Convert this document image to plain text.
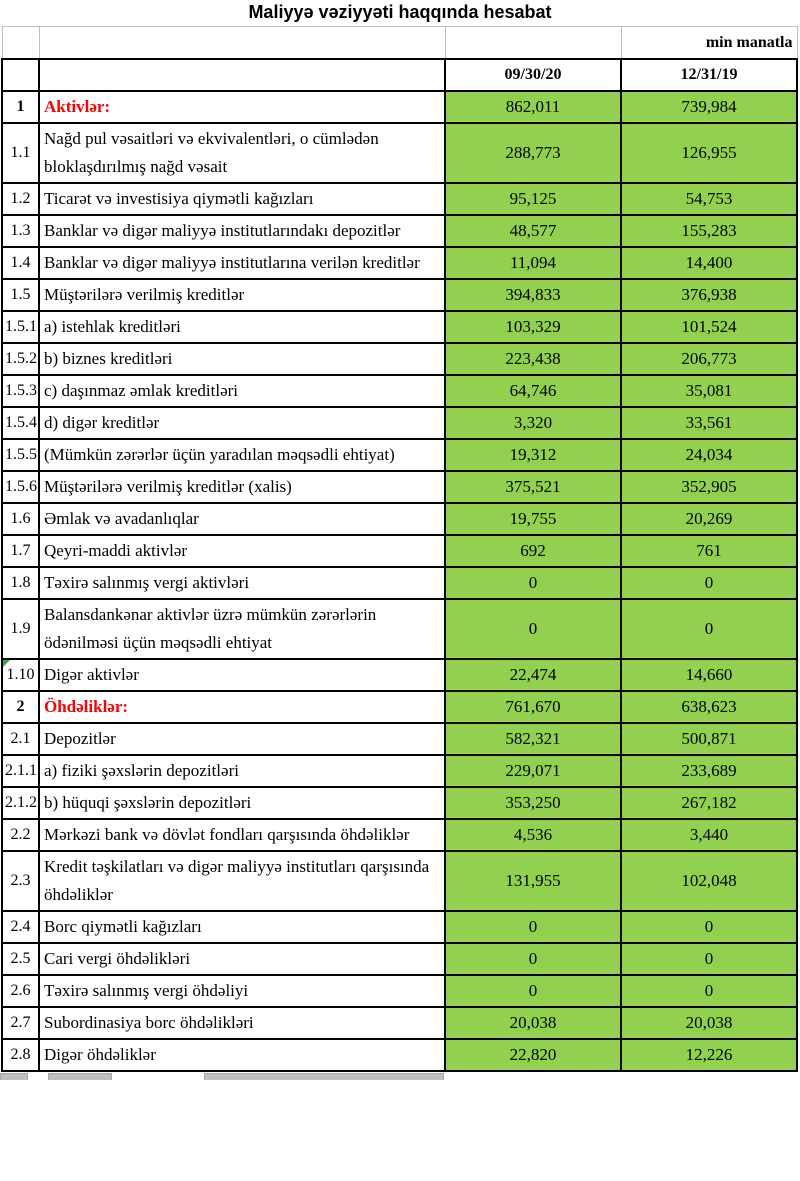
Maliyyə vəziyyəti haqqında hesabat
			min manatla
		09/30/20	12/31/19
1	Aktivlər:	862,011	739,984
1.1	Nağd pul vəsaitləri və ekvivalentləri, o cümlədən bloklaşdırılmış nağd vəsait	288,773	126,955
1.2	Ticarət və investisiya qiymətli kağızları	95,125	54,753
1.3	Banklar və digər maliyyə institutlarındakı depozitlər	48,577	155,283
1.4	Banklar və digər maliyyə institutlarına verilən kreditlər	11,094	14,400
1.5	Müştərilərə verilmiş kreditlər	394,833	376,938
1.5.1	a) istehlak kreditləri	103,329	101,524
1.5.2	b) biznes kreditləri	223,438	206,773
1.5.3	c) daşınmaz əmlak kreditləri	64,746	35,081
1.5.4	d) digər kreditlər	3,320	33,561
1.5.5	(Mümkün zərərlər üçün yaradılan məqsədli ehtiyat)	19,312	24,034
1.5.6	Müştərilərə verilmiş kreditlər (xalis)	375,521	352,905
1.6	Əmlak və avadanlıqlar	19,755	20,269
1.7	Qeyri-maddi aktivlər	692	761
1.8	Təxirə salınmış vergi aktivləri	0	0
1.9	Balansdankənar aktivlər üzrə mümkün zərərlərin ödənilməsi üçün məqsədli ehtiyat	0	0
1.10	Digər aktivlər	22,474	14,660
2	Öhdəliklər:	761,670	638,623
2.1	Depozitlər	582,321	500,871
2.1.1	a) fiziki şəxslərin depozitləri	229,071	233,689
2.1.2	b) hüquqi şəxslərin depozitləri	353,250	267,182
2.2	Mərkəzi bank və dövlət fondları qarşısında öhdəliklər	4,536	3,440
2.3	Kredit təşkilatları və digər maliyyə institutları qarşısında öhdəliklər	131,955	102,048
2.4	Borc qiymətli kağızları	0	0
2.5	Cari vergi öhdəlikləri	0	0
2.6	Təxirə salınmış vergi öhdəliyi	0	0
2.7	Subordinasiya borc öhdəlikləri	20,038	20,038
2.8	Digər öhdəliklər	22,820	12,226
